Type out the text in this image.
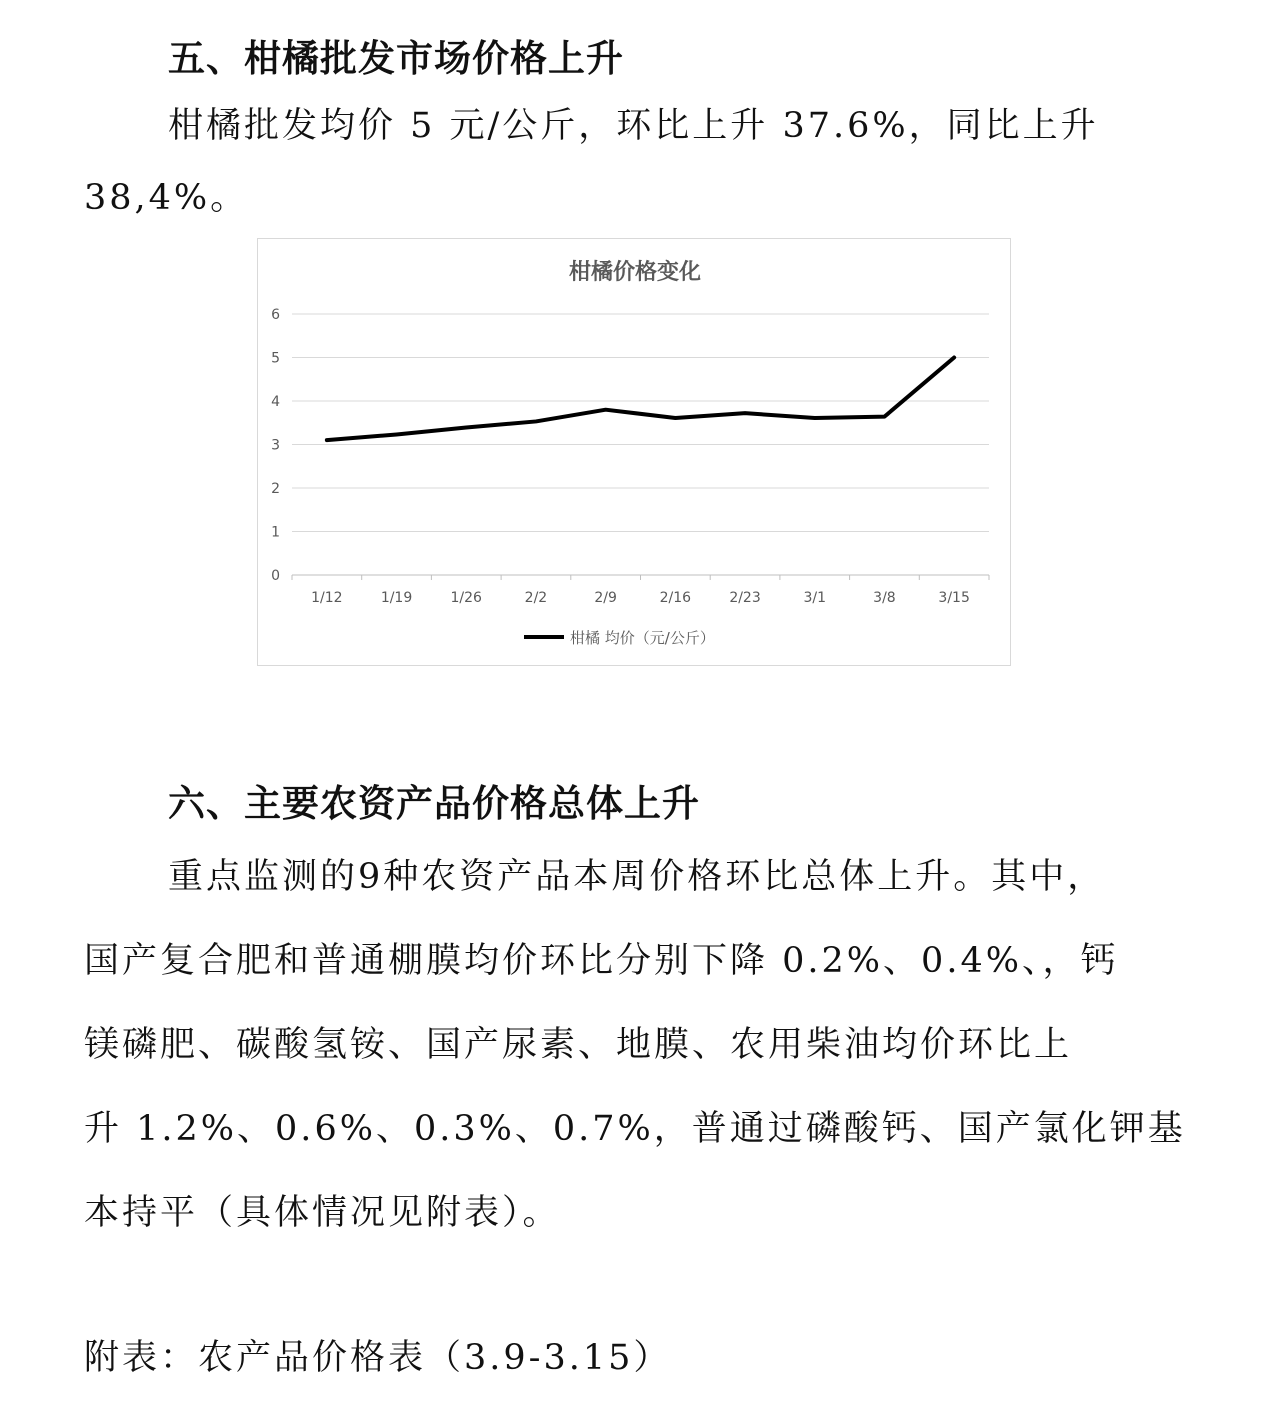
五、柑橘批发市场价格上升
柑橘批发均价 5 元/公斤，环比上升 37.6%，同比上升
38,4%。
柑橘价格变化
0
1
2
3
4
5
6
1/12	1/19	1/26	2/2	2/9	2/16	2/23	3/1	3/8	3/15
柑橘 均价（元/公斤）
六、主要农资产品价格总体上升
重点监测的9种农资产品本周价格环比总体上升。其中，
国产复合肥和普通棚膜均价环比分别下降 0.2%、0.4%、，钙
镁磷肥、碳酸氢铵、国产尿素、地膜、农用柴油均价环比上
升 1.2%、0.6%、0.3%、0.7%，普通过磷酸钙、国产氯化钾基
本持平（具体情况见附表）。
附表：农产品价格表（3.9-3.15）
